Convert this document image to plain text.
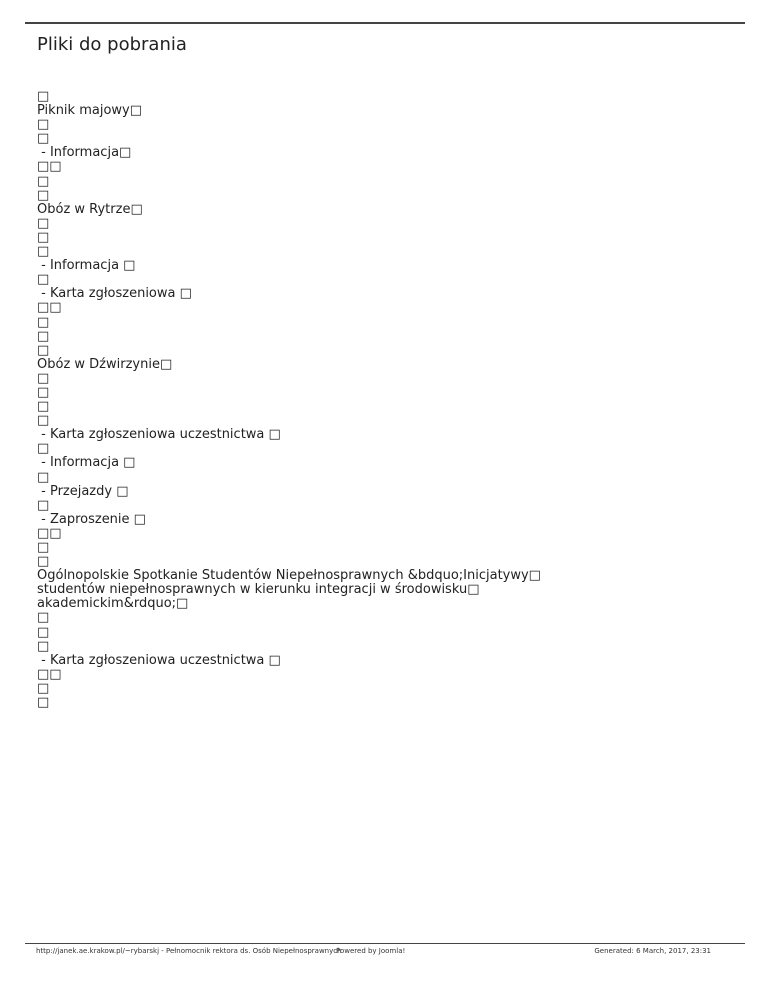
Pliki do pobrania
□
Piknik majowy□
□
□
- Informacja□
□□
□
□
Obóz w Rytrze□
□
□
□
- Informacja □
□
- Karta zgłoszeniowa □
□□
□
□
□
Obóz w Dźwirzynie□
□
□
□
□
- Karta zgłoszeniowa uczestnictwa □
□
- Informacja □
□
- Przejazdy □
□
- Zaproszenie □
□□
□
□
Ogólnopolskie Spotkanie Studentów Niepełnosprawnych &bdquo;Inicjatywy□
studentów niepełnosprawnych w kierunku integracji w środowisku□
akademickim&rdquo;□
□
□
□
- Karta zgłoszeniowa uczestnictwa □
□□
□
□
http://janek.ae.krakow.pl/~rybarskj - Pełnomocnik rektora ds. Osób Niepełnosprawnych
Powered by Joomla!	Generated: 6 March, 2017, 23:31
